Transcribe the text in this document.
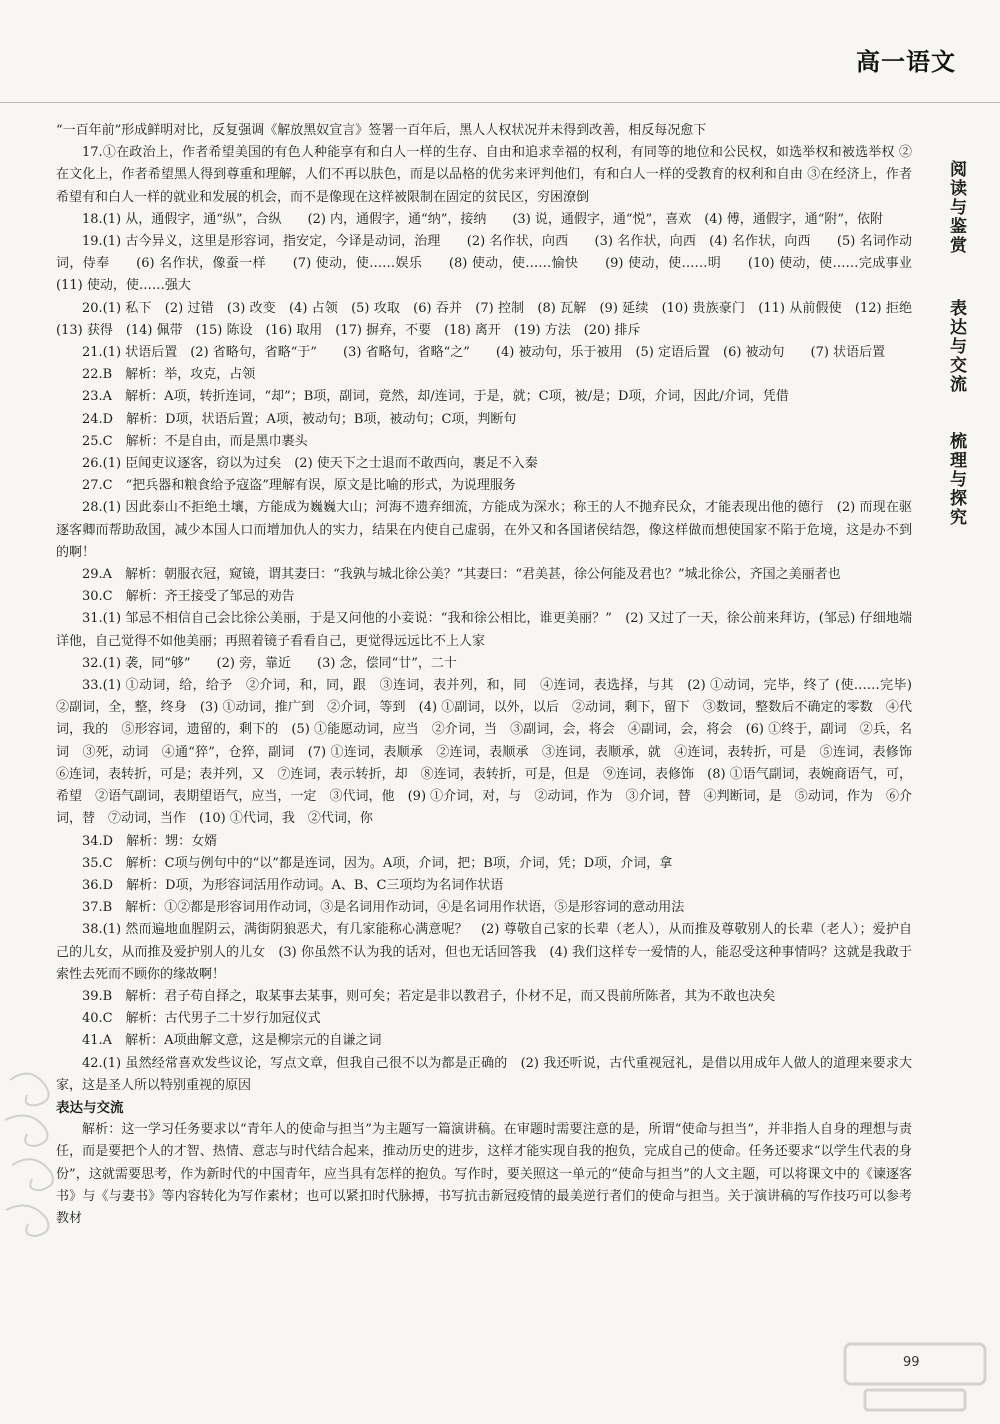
高一语文

“一百年前”形成鲜明对比，反复强调《解放黑奴宣言》签署一百年后，黑人人权状况并未得到改善，相反每况愈下

17.①在政治上，作者希望美国的有色人种能享有和白人一样的生存、自由和追求幸福的权利，有同等的地位和公民权，如选举权和被选举权 ②在文化上，作者希望黑人得到尊重和理解，人们不再以肤色，而是以品格的优劣来评判他们，有和白人一样的受教育的权利和自由 ③在经济上，作者希望有和白人一样的就业和发展的机会，而不是像现在这样被限制在固定的贫民区，穷困潦倒

18.(1) 从，通假字，通“纵”，合纵　　(2) 内，通假字，通“纳”，接纳　　(3) 说，通假字，通“悦”，喜欢　(4) 傅，通假字，通“附”，依附

19.(1) 古今异义，这里是形容词，指安定，今译是动词，治理　　(2) 名作状，向西　　(3) 名作状，向西　(4) 名作状，向西　　(5) 名词作动词，侍奉　　(6) 名作状，像蚕一样　　(7) 使动，使……娱乐　　(8) 使动，使……愉快　　(9) 使动，使……明　　(10) 使动，使……完成事业　　(11) 使动，使……强大

20.(1) 私下　(2) 过错　(3) 改变　(4) 占领　(5) 攻取　(6) 吞并　(7) 控制　(8) 瓦解　(9) 延续　(10) 贵族豪门　(11) 从前假使　(12) 拒绝　(13) 获得　(14) 佩带　(15) 陈设　(16) 取用　(17) 摒弃，不要　(18) 离开　(19) 方法　(20) 排斥

21.(1) 状语后置　(2) 省略句，省略“于”　　(3) 省略句，省略“之”　　(4) 被动句，乐于被用　(5) 定语后置　(6) 被动句　　(7) 状语后置

22.B　解析：举，攻克，占领

23.A　解析：A项，转折连词，“却”；B项，副词，竟然，却/连词，于是，就；C项，被/是；D项，介词，因此/介词，凭借

24.D　解析：D项，状语后置；A项，被动句；B项，被动句；C项，判断句

25.C　解析：不是自由，而是黑巾裹头

26.(1) 臣闻吏议逐客，窃以为过矣　(2) 使天下之士退而不敢西向，裹足不入秦

27.C　“把兵器和粮食给予寇盗”理解有误，原文是比喻的形式，为说理服务

28.(1) 因此泰山不拒绝土壤，方能成为巍巍大山；河海不遗弃细流，方能成为深水；称王的人不抛弃民众，才能表现出他的德行　(2) 而现在驱逐客卿而帮助敌国，减少本国人口而增加仇人的实力，结果在内使自己虚弱，在外又和各国诸侯结怨，像这样做而想使国家不陷于危境，这是办不到的啊！

29.A　解析：朝服衣冠，窥镜，谓其妻曰：“我孰与城北徐公美？”其妻曰：“君美甚，徐公何能及君也？”城北徐公，齐国之美丽者也

30.C　解析：齐王接受了邹忌的劝告

31.(1) 邹忌不相信自己会比徐公美丽，于是又问他的小妾说：“我和徐公相比，谁更美丽？”　(2) 又过了一天，徐公前来拜访，(邹忌) 仔细地端详他，自己觉得不如他美丽；再照着镜子看看自己，更觉得远远比不上人家

32.(1) 袭，同“够”　　(2) 旁，靠近　　(3) 念，偿同“廿”，二十

33.(1) ①动词，给，给予　②介词，和，同，跟　③连词，表并列，和，同　④连词，表选择，与其　(2) ①动词，完毕，终了 (使……完毕)　②副词，全，整，终身　(3) ①动词，推广到　②介词，等到　(4) ①副词，以外，以后　②动词，剩下，留下　③数词，整数后不确定的零数　④代词，我的　⑤形容词，遗留的，剩下的　(5) ①能愿动词，应当　②介词，当　③副词，会，将会　④副词，会，将会　(6) ①终于，副词　②兵，名词　③死，动词　④通“猝”，仓猝，副词　(7) ①连词，表顺承　②连词，表顺承　③连词，表顺承，就　④连词，表转折，可是　⑤连词，表修饰　⑥连词，表转折，可是；表并列，又　⑦连词，表示转折，却　⑧连词，表转折，可是，但是　⑨连词，表修饰　(8) ①语气副词，表婉商语气，可，希望　②语气副词，表期望语气，应当，一定　③代词，他　(9) ①介词，对，与　②动词，作为　③介词，替　④判断词，是　⑤动词，作为　⑥介词，替　⑦动词，当作　(10) ①代词，我　②代词，你

34.D　解析：甥：女婿

35.C　解析：C项与例句中的“以”都是连词，因为。A项，介词，把；B项，介词，凭；D项，介词，拿

36.D　解析：D项，为形容词活用作动词。A、B、C三项均为名词作状语

37.B　解析：①②都是形容词用作动词，③是名词用作动词，④是名词用作状语，⑤是形容词的意动用法

38.(1) 然而遍地血腥阴云，满街阴狼恶犬，有几家能称心满意呢？　(2) 尊敬自己家的长辈（老人），从而推及尊敬别人的长辈（老人）；爱护自己的儿女，从而推及爱护别人的儿女　(3) 你虽然不认为我的话对，但也无话回答我　(4) 我们这样专一爱情的人，能忍受这种事情吗？这就是我敢于索性去死而不顾你的缘故啊！

39.B　解析：君子苟自择之，取某事去某事，则可矣；若定是非以教君子，仆材不足，而又畏前所陈者，其为不敢也决矣

40.C　解析：古代男子二十岁行加冠仪式

41.A　解析：A项曲解文意，这是柳宗元的自谦之词

42.(1) 虽然经常喜欢发些议论，写点文章，但我自己很不以为都是正确的　(2) 我还听说，古代重视冠礼，是借以用成年人做人的道理来要求大家，这是圣人所以特别重视的原因

表达与交流

解析：这一学习任务要求以“青年人的使命与担当”为主题写一篇演讲稿。在审题时需要注意的是，所谓“使命与担当”，并非指人自身的理想与责任，而是要把个人的才智、热情、意志与时代结合起来，推动历史的进步，这样才能实现自我的抱负，完成自己的使命。任务还要求“以学生代表的身份”，这就需要思考，作为新时代的中国青年，应当具有怎样的抱负。写作时，要关照这一单元的“使命与担当”的人文主题，可以将课文中的《谏逐客书》与《与妻书》等内容转化为写作素材；也可以紧扣时代脉搏，书写抗击新冠疫情的最美逆行者们的使命与担当。关于演讲稿的写作技巧可以参考教材

阅读与鉴赏
表达与交流
梳理与探究
99
